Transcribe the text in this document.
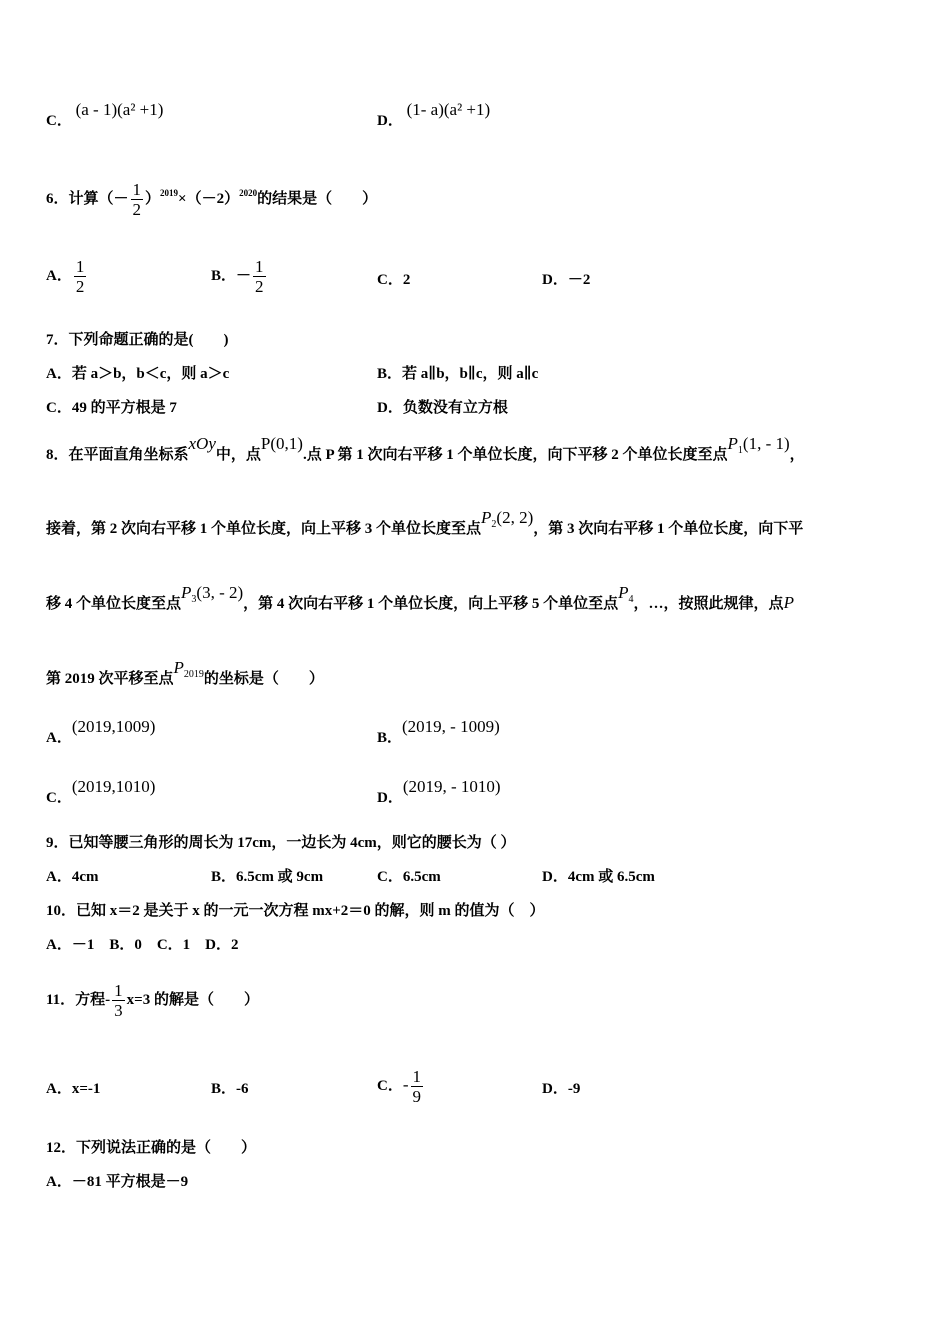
C． (a - 1)(a² +1)
D． (1- a)(a² +1)
6．计算（－ $\frac{1}{2} )^{2019}\times(-2)^{2020}$的结果是（　　）
A． $\frac{1}{2}$	B．－ $\frac{1}{2}$	C．2	D．－2
7．下列命题正确的是(　　)
A．若 a＞b，b＜c，则 a＞c	B．若 a∥b，b∥c，则 a∥c
C．49 的平方根是 7	D．负数没有立方根
8．在平面直角坐标系xOy中，点P(0,1).点 P 第 1 次向右平移 1 个单位长度，向下平移 2 个单位长度至点$P^1(1$, - 1)，
接着，第 2 次向右平移 1 个单位长度，向上平移 3 个单位长度至点$P^2(2$, 2)，第 3 次向右平移 1 个单位长度，向下平
移 4 个单位长度至点$P^3(3$, - 2)，第 4 次向右平移 1 个单位长度，向上平移 5 个单位至点$P^4$，…，按照此规律，点P
第 2019 次平移至点$P^{2019}$的坐标是（　　）
A．(2019,1009)
B．(2019, - 1009)
C．(2019,1010)
D．(2019, - 1010)
9．已知等腰三角形的周长为 17cm，一边长为 4cm，则它的腰长为（ ）
A．4cm	B．6.5cm 或 9cm	C．6.5cm	D．4cm 或 6.5cm
10．已知 x＝2 是关于 x 的一元一次方程 mx+2＝0 的解，则 m 的值为（　）
A．－1　B．0　C．1　D．2
11．方程- $\frac{1}{3} x=3$ 的解是（　　）
A．x=-1	B．-6	C．- $\frac{1}{9}$	D．-9
12．下列说法正确的是（　　）
A．－81 平方根是－9
